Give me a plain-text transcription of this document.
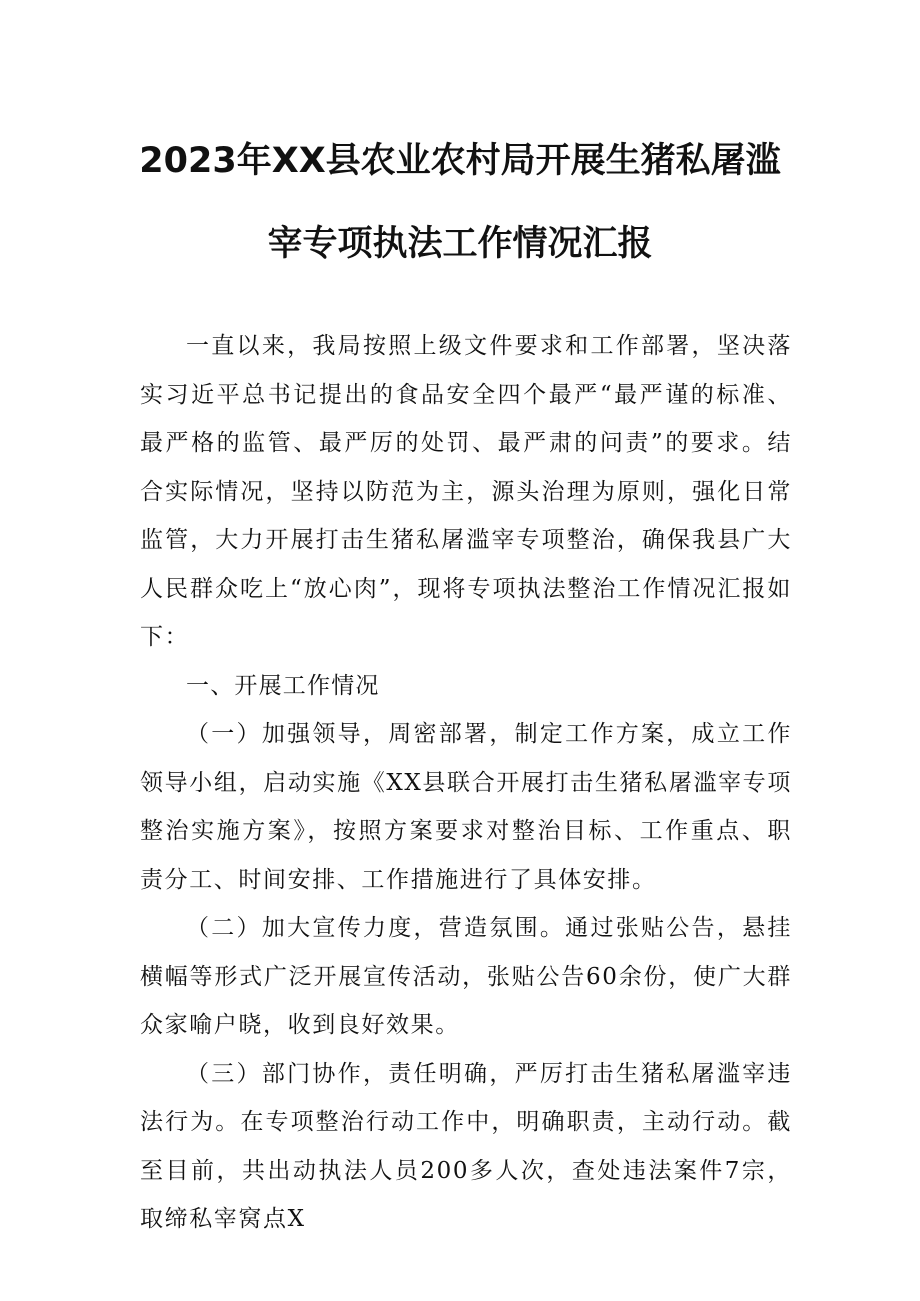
2023年XX县农业农村局开展生猪私屠滥
宰专项执法工作情况汇报

一直以来，我局按照上级文件要求和工作部署，坚决落实习近平总书记提出的食品安全四个最严“最严谨的标准、最严格的监管、最严厉的处罚、最严肃的问责”的要求。结合实际情况，坚持以防范为主，源头治理为原则，强化日常监管，大力开展打击生猪私屠滥宰专项整治，确保我县广大人民群众吃上“放心肉”，现将专项执法整治工作情况汇报如下：

一、开展工作情况

（一）加强领导，周密部署，制定工作方案，成立工作领导小组，启动实施《XX县联合开展打击生猪私屠滥宰专项整治实施方案》，按照方案要求对整治目标、工作重点、职责分工、时间安排、工作措施进行了具体安排。

（二）加大宣传力度，营造氛围。通过张贴公告，悬挂横幅等形式广泛开展宣传活动，张贴公告60余份，使广大群众家喻户晓，收到良好效果。

（三）部门协作，责任明确，严厉打击生猪私屠滥宰违法行为。在专项整治行动工作中，明确职责，主动行动。截至目前，共出动执法人员200多人次，查处违法案件7宗，取缔私宰窝点X
